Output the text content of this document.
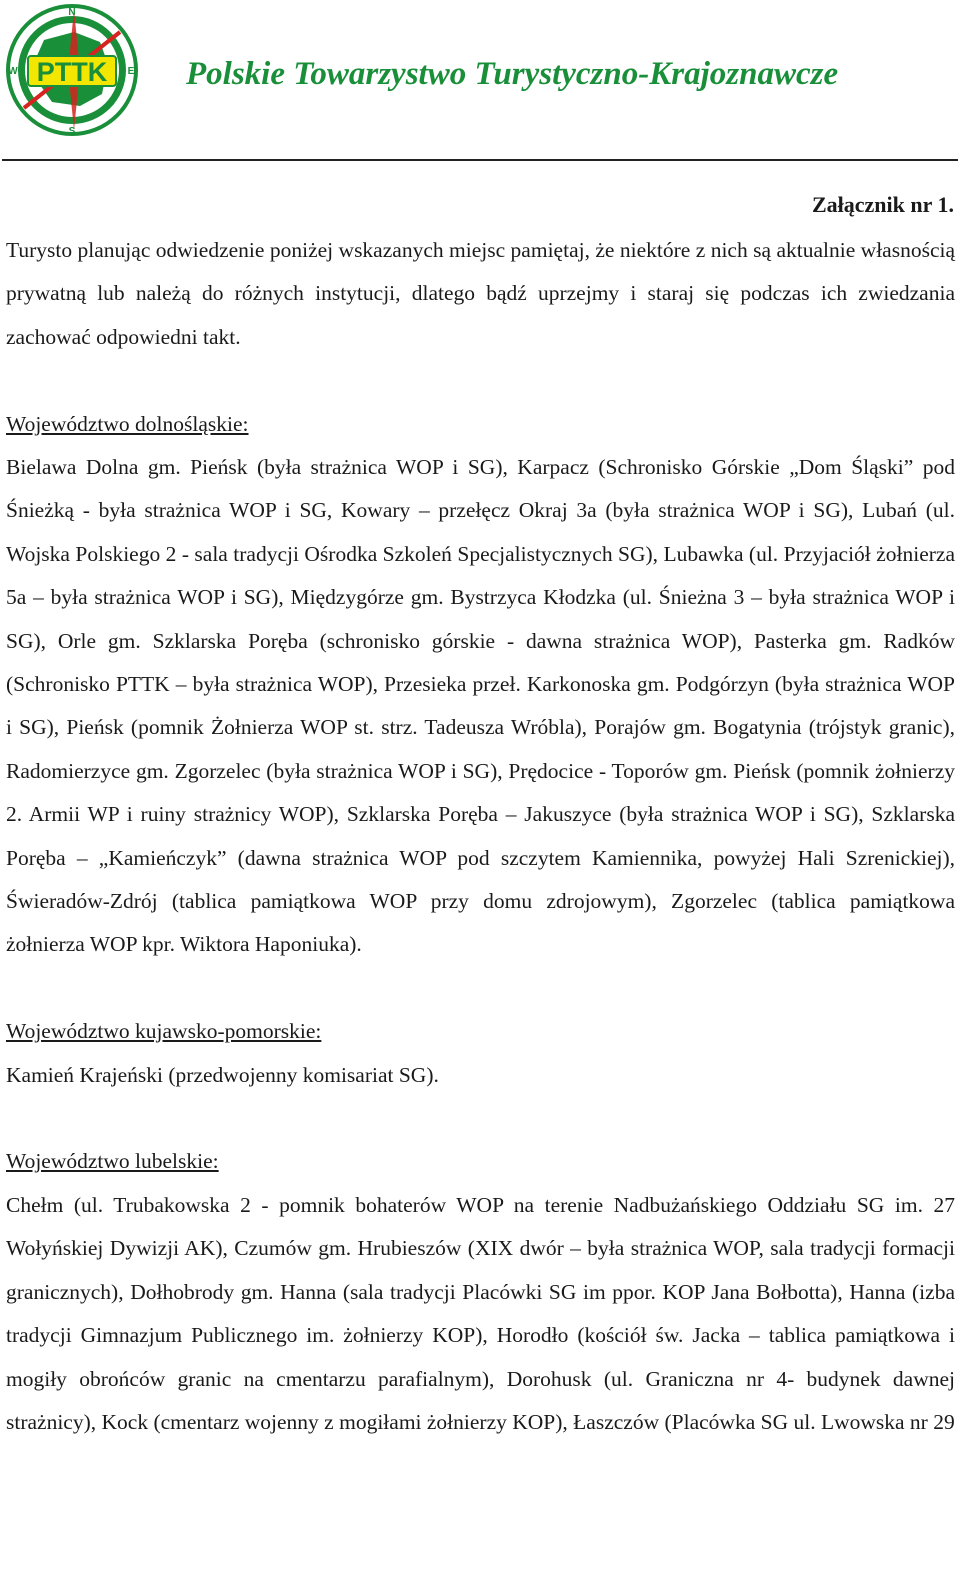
PTTK
N
S
W	E Polskie Towarzystwo Turystyczno-Krajoznawcze
Załącznik nr 1.

Turysto planując odwiedzenie poniżej wskazanych miejsc pamiętaj, że niektóre z nich są aktualnie własnością prywatną lub należą do różnych instytucji, dlatego bądź uprzejmy i staraj się podczas ich zwiedzania zachować odpowiedni takt.

Województwo dolnośląskie:

Bielawa Dolna gm. Pieńsk (była strażnica WOP i SG), Karpacz (Schronisko Górskie „Dom Śląski” pod Śnieżką - była strażnica WOP i SG, Kowary – przełęcz Okraj 3a (była strażnica WOP i SG), Lubań (ul. Wojska Polskiego 2 - sala tradycji Ośrodka Szkoleń Specjalistycznych SG), Lubawka (ul. Przyjaciół żołnierza 5a – była strażnica WOP i SG), Międzygórze gm. Bystrzyca Kłodzka (ul. Śnieżna 3 – była strażnica WOP i SG), Orle gm. Szklarska Poręba (schronisko górskie - dawna strażnica WOP), Pasterka gm. Radków (Schronisko PTTK – była strażnica WOP), Przesieka przeł. Karkonoska gm. Podgórzyn (była strażnica WOP i SG), Pieńsk (pomnik Żołnierza WOP st. strz. Tadeusza Wróbla), Porajów gm. Bogatynia (trójstyk granic), Radomierzyce gm. Zgorzelec (była strażnica WOP i SG), Prędocice - Toporów gm. Pieńsk (pomnik żołnierzy 2. Armii WP i ruiny strażnicy WOP), Szklarska Poręba – Jakuszyce (była strażnica WOP i SG), Szklarska Poręba – „Kamieńczyk” (dawna strażnica WOP pod szczytem Kamiennika, powyżej Hali Szrenickiej), Świeradów-Zdrój (tablica pamiątkowa WOP przy domu zdrojowym), Zgorzelec (tablica pamiątkowa żołnierza WOP kpr. Wiktora Haponiuka).

Województwo kujawsko-pomorskie:

Kamień Krajeński (przedwojenny komisariat SG).

Województwo lubelskie:

Chełm (ul. Trubakowska 2 - pomnik bohaterów WOP na terenie Nadbużańskiego Oddziału SG im. 27 Wołyńskiej Dywizji AK), Czumów gm. Hrubieszów (XIX dwór – była strażnica WOP, sala tradycji formacji granicznych), Dołhobrody gm. Hanna (sala tradycji Placówki SG im ppor. KOP Jana Bołbotta), Hanna (izba tradycji Gimnazjum Publicznego im. żołnierzy KOP), Horodło (kościół św. Jacka – tablica pamiątkowa i mogiły obrońców granic na cmentarzu parafialnym), Dorohusk (ul. Graniczna nr 4- budynek dawnej strażnicy), Kock (cmentarz wojenny z mogiłami żołnierzy KOP), Łaszczów (Placówka SG ul. Lwowska nr 29
